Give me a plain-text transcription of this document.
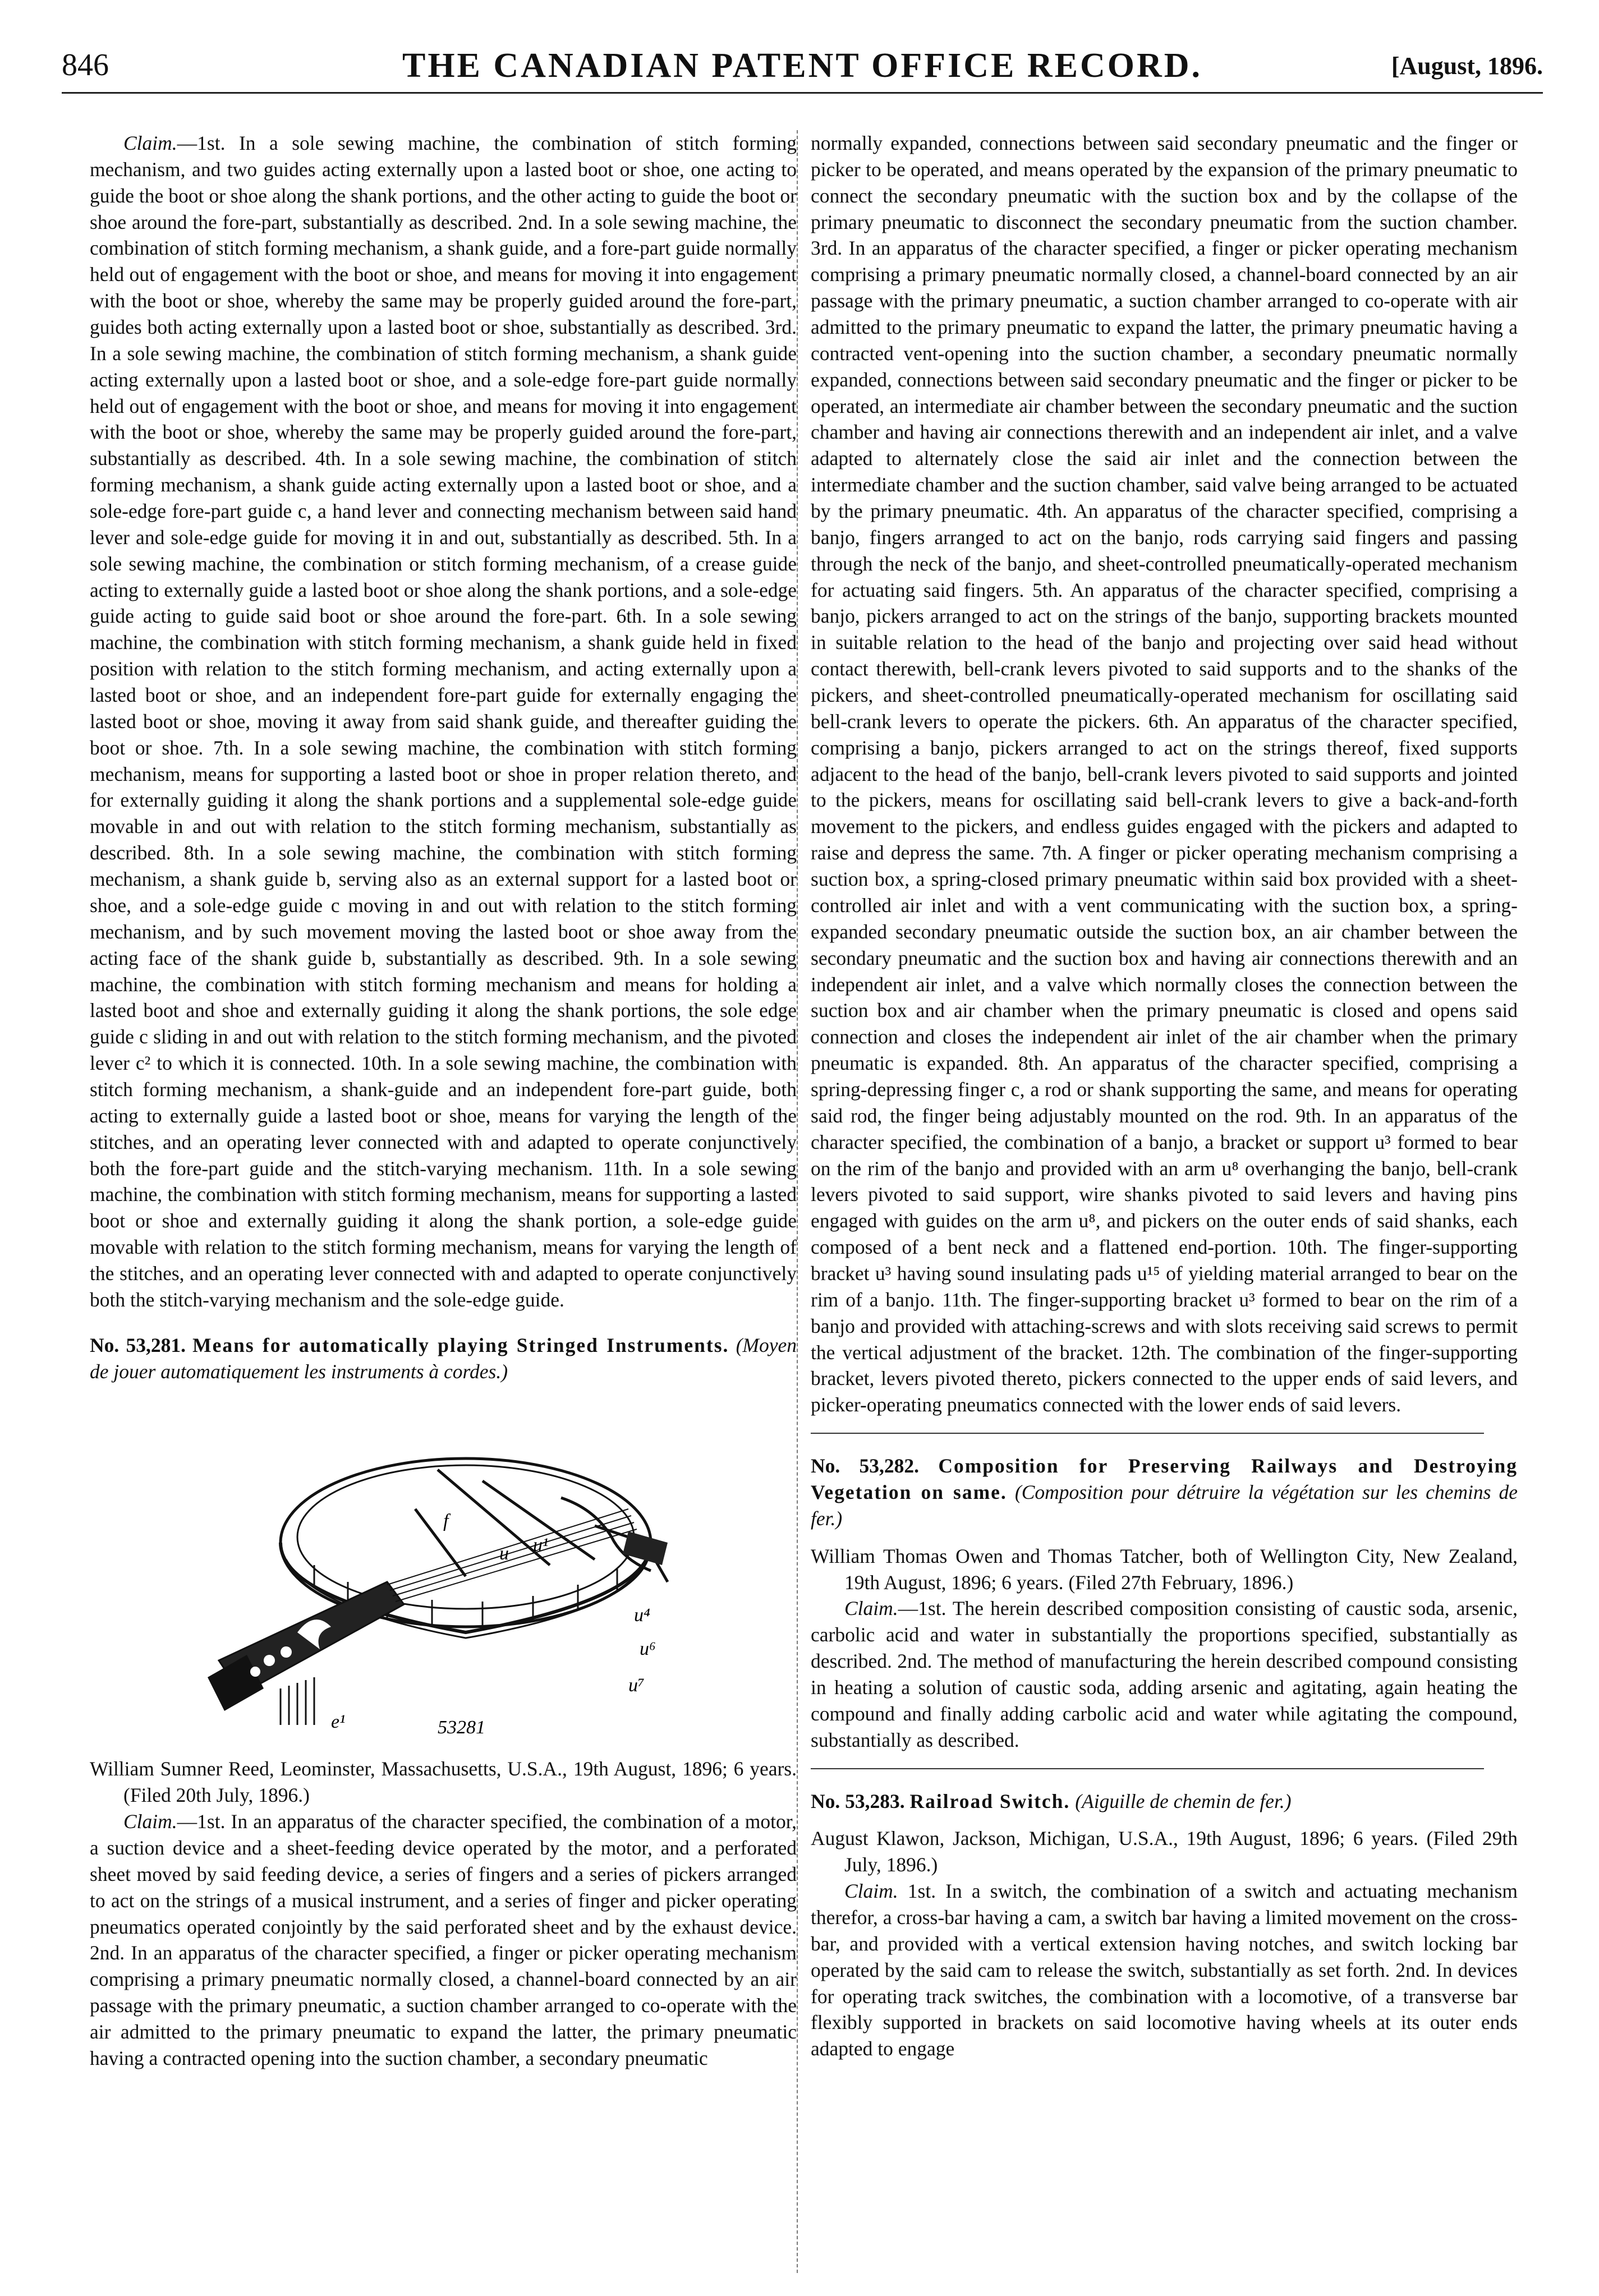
846	THE CANADIAN PATENT OFFICE RECORD.	[August, 1896.

Claim.—1st. In a sole sewing machine, the combination of stitch forming mechanism, and two guides acting externally upon a lasted boot or shoe, one acting to guide the boot or shoe along the shank portions, and the other acting to guide the boot or shoe around the fore-part, substantially as described. 2nd. In a sole sewing machine, the combination of stitch forming mechanism, a shank guide, and a fore-part guide normally held out of engagement with the boot or shoe, and means for moving it into engagement with the boot or shoe, whereby the same may be properly guided around the fore-part, guides both acting externally upon a lasted boot or shoe, substantially as described. 3rd. In a sole sewing machine, the combination of stitch forming mechanism, a shank guide acting externally upon a lasted boot or shoe, and a sole-edge fore-part guide normally held out of engagement with the boot or shoe, and means for moving it into engagement with the boot or shoe, whereby the same may be properly guided around the fore-part, substantially as described. 4th. In a sole sewing machine, the combination of stitch forming mechanism, a shank guide acting externally upon a lasted boot or shoe, and a sole-edge fore-part guide c, a hand lever and connecting mechanism between said hand lever and sole-edge guide for moving it in and out, substantially as described. 5th. In a sole sewing machine, the combination or stitch forming mechanism, of a crease guide acting to externally guide a lasted boot or shoe along the shank portions, and a sole-edge guide acting to guide said boot or shoe around the fore-part. 6th. In a sole sewing machine, the combination with stitch forming mechanism, a shank guide held in fixed position with relation to the stitch forming mechanism, and acting externally upon a lasted boot or shoe, and an independent fore-part guide for externally engaging the lasted boot or shoe, moving it away from said shank guide, and thereafter guiding the boot or shoe. 7th. In a sole sewing machine, the combination with stitch forming mechanism, means for supporting a lasted boot or shoe in proper relation thereto, and for externally guiding it along the shank portions and a supplemental sole-edge guide movable in and out with relation to the stitch forming mechanism, substantially as described. 8th. In a sole sewing machine, the combination with stitch forming mechanism, a shank guide b, serving also as an external support for a lasted boot or shoe, and a sole-edge guide c moving in and out with relation to the stitch forming mechanism, and by such movement moving the lasted boot or shoe away from the acting face of the shank guide b, substantially as described. 9th. In a sole sewing machine, the combination with stitch forming mechanism and means for holding a lasted boot and shoe and externally guiding it along the shank portions, the sole edge guide c sliding in and out with relation to the stitch forming mechanism, and the pivoted lever c² to which it is connected. 10th. In a sole sewing machine, the combination with stitch forming mechanism, a shank-guide and an independent fore-part guide, both acting to externally guide a lasted boot or shoe, means for varying the length of the stitches, and an operating lever connected with and adapted to operate conjunctively both the fore-part guide and the stitch-varying mechanism. 11th. In a sole sewing machine, the combination with stitch forming mechanism, means for supporting a lasted boot or shoe and externally guiding it along the shank portion, a sole-edge guide movable with relation to the stitch forming mechanism, means for varying the length of the stitches, and an operating lever connected with and adapted to operate conjunctively both the stitch-varying mechanism and the sole-edge guide.

No. 53,281. Means for automatically playing Stringed Instruments. (Moyen de jouer automatiquement les instruments à cordes.)

f
u u¹
u⁴
u⁶
u⁷
e¹	53281

William Sumner Reed, Leominster, Massachusetts, U.S.A., 19th August, 1896; 6 years. (Filed 20th July, 1896.)

Claim.—1st. In an apparatus of the character specified, the combination of a motor, a suction device and a sheet-feeding device operated by the motor, and a perforated sheet moved by said feeding device, a series of fingers and a series of pickers arranged to act on the strings of a musical instrument, and a series of finger and picker operating pneumatics operated conjointly by the said perforated sheet and by the exhaust device. 2nd. In an apparatus of the character specified, a finger or picker operating mechanism comprising a primary pneumatic normally closed, a channel-board connected by an air passage with the primary pneumatic, a suction chamber arranged to co-operate with the air admitted to the primary pneumatic to expand the latter, the primary pneumatic having a contracted opening into the suction chamber, a secondary pneumatic

normally expanded, connections between said secondary pneumatic and the finger or picker to be operated, and means operated by the expansion of the primary pneumatic to connect the secondary pneumatic with the suction box and by the collapse of the primary pneumatic to disconnect the secondary pneumatic from the suction chamber. 3rd. In an apparatus of the character specified, a finger or picker operating mechanism comprising a primary pneumatic normally closed, a channel-board connected by an air passage with the primary pneumatic, a suction chamber arranged to co-operate with air admitted to the primary pneumatic to expand the latter, the primary pneumatic having a contracted vent-opening into the suction chamber, a secondary pneumatic normally expanded, connections between said secondary pneumatic and the finger or picker to be operated, an intermediate air chamber between the secondary pneumatic and the suction chamber and having air connections therewith and an independent air inlet, and a valve adapted to alternately close the said air inlet and the connection between the intermediate chamber and the suction chamber, said valve being arranged to be actuated by the primary pneumatic. 4th. An apparatus of the character specified, comprising a banjo, fingers arranged to act on the banjo, rods carrying said fingers and passing through the neck of the banjo, and sheet-controlled pneumatically-operated mechanism for actuating said fingers. 5th. An apparatus of the character specified, comprising a banjo, pickers arranged to act on the strings of the banjo, supporting brackets mounted in suitable relation to the head of the banjo and projecting over said head without contact therewith, bell-crank levers pivoted to said supports and to the shanks of the pickers, and sheet-controlled pneumatically-operated mechanism for oscillating said bell-crank levers to operate the pickers. 6th. An apparatus of the character specified, comprising a banjo, pickers arranged to act on the strings thereof, fixed supports adjacent to the head of the banjo, bell-crank levers pivoted to said supports and jointed to the pickers, means for oscillating said bell-crank levers to give a back-and-forth movement to the pickers, and endless guides engaged with the pickers and adapted to raise and depress the same. 7th. A finger or picker operating mechanism comprising a suction box, a spring-closed primary pneumatic within said box provided with a sheet-controlled air inlet and with a vent communicating with the suction box, a spring-expanded secondary pneumatic outside the suction box, an air chamber between the secondary pneumatic and the suction box and having air connections therewith and an independent air inlet, and a valve which normally closes the connection between the suction box and air chamber when the primary pneumatic is closed and opens said connection and closes the independent air inlet of the air chamber when the primary pneumatic is expanded. 8th. An apparatus of the character specified, comprising a spring-depressing finger c, a rod or shank supporting the same, and means for operating said rod, the finger being adjustably mounted on the rod. 9th. In an apparatus of the character specified, the combination of a banjo, a bracket or support u³ formed to bear on the rim of the banjo and provided with an arm u⁸ overhanging the banjo, bell-crank levers pivoted to said support, wire shanks pivoted to said levers and having pins engaged with guides on the arm u⁸, and pickers on the outer ends of said shanks, each composed of a bent neck and a flattened end-portion. 10th. The finger-supporting bracket u³ having sound insulating pads u¹⁵ of yielding material arranged to bear on the rim of a banjo. 11th. The finger-supporting bracket u³ formed to bear on the rim of a banjo and provided with attaching-screws and with slots receiving said screws to permit the vertical adjustment of the bracket. 12th. The combination of the finger-supporting bracket, levers pivoted thereto, pickers connected to the upper ends of said levers, and picker-operating pneumatics connected with the lower ends of said levers.

No. 53,282. Composition for Preserving Railways and Destroying Vegetation on same. (Composition pour détruire la végétation sur les chemins de fer.)

William Thomas Owen and Thomas Tatcher, both of Wellington City, New Zealand, 19th August, 1896; 6 years. (Filed 27th February, 1896.)

Claim.—1st. The herein described composition consisting of caustic soda, arsenic, carbolic acid and water in substantially the proportions specified, substantially as described. 2nd. The method of manufacturing the herein described compound consisting in heating a solution of caustic soda, adding arsenic and agitating, again heating the compound and finally adding carbolic acid and water while agitating the compound, substantially as described.

No. 53,283. Railroad Switch. (Aiguille de chemin de fer.)

August Klawon, Jackson, Michigan, U.S.A., 19th August, 1896; 6 years. (Filed 29th July, 1896.)

Claim. 1st. In a switch, the combination of a switch and actuating mechanism therefor, a cross-bar having a cam, a switch bar having a limited movement on the cross-bar, and provided with a vertical extension having notches, and switch locking bar operated by the said cam to release the switch, substantially as set forth. 2nd. In devices for operating track switches, the combination with a locomotive, of a transverse bar flexibly supported in brackets on said locomotive having wheels at its outer ends adapted to engage
